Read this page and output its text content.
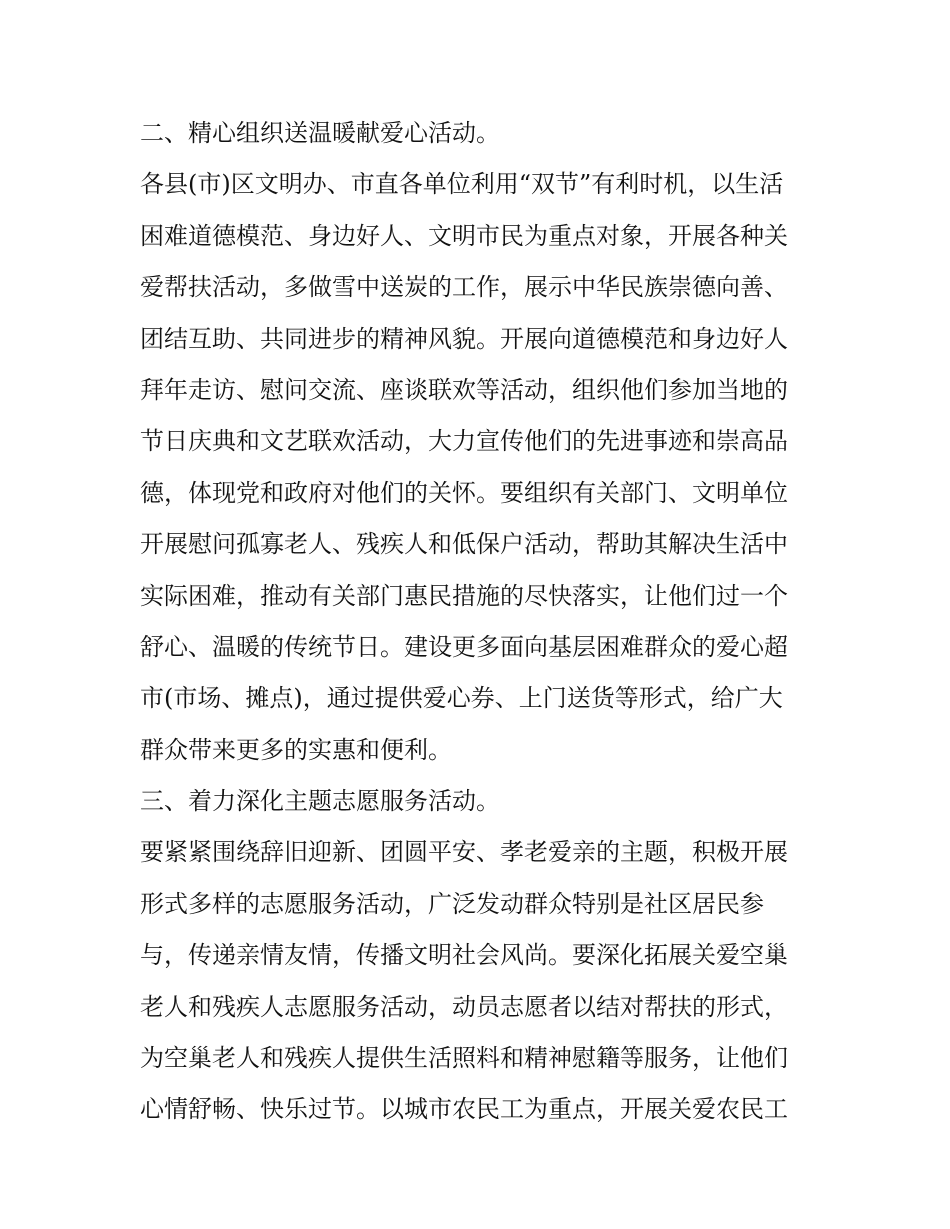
二、精心组织送温暖献爱心活动。
各县(市)区文明办、市直各单位利用“双节”有利时机，以生活
困难道德模范、身边好人、文明市民为重点对象，开展各种关
爱帮扶活动，多做雪中送炭的工作，展示中华民族崇德向善、
团结互助、共同进步的精神风貌。开展向道德模范和身边好人
拜年走访、慰问交流、座谈联欢等活动，组织他们参加当地的
节日庆典和文艺联欢活动，大力宣传他们的先进事迹和崇高品
德，体现党和政府对他们的关怀。要组织有关部门、文明单位
开展慰问孤寡老人、残疾人和低保户活动，帮助其解决生活中
实际困难，推动有关部门惠民措施的尽快落实，让他们过一个
舒心、温暖的传统节日。建设更多面向基层困难群众的爱心超
市(市场、摊点)，通过提供爱心券、上门送货等形式，给广大
群众带来更多的实惠和便利。
三、着力深化主题志愿服务活动。
要紧紧围绕辞旧迎新、团圆平安、孝老爱亲的主题，积极开展
形式多样的志愿服务活动，广泛发动群众特别是社区居民参
与，传递亲情友情，传播文明社会风尚。要深化拓展关爱空巢
老人和残疾人志愿服务活动，动员志愿者以结对帮扶的形式，
为空巢老人和残疾人提供生活照料和精神慰籍等服务，让他们
心情舒畅、快乐过节。以城市农民工为重点，开展关爱农民工
